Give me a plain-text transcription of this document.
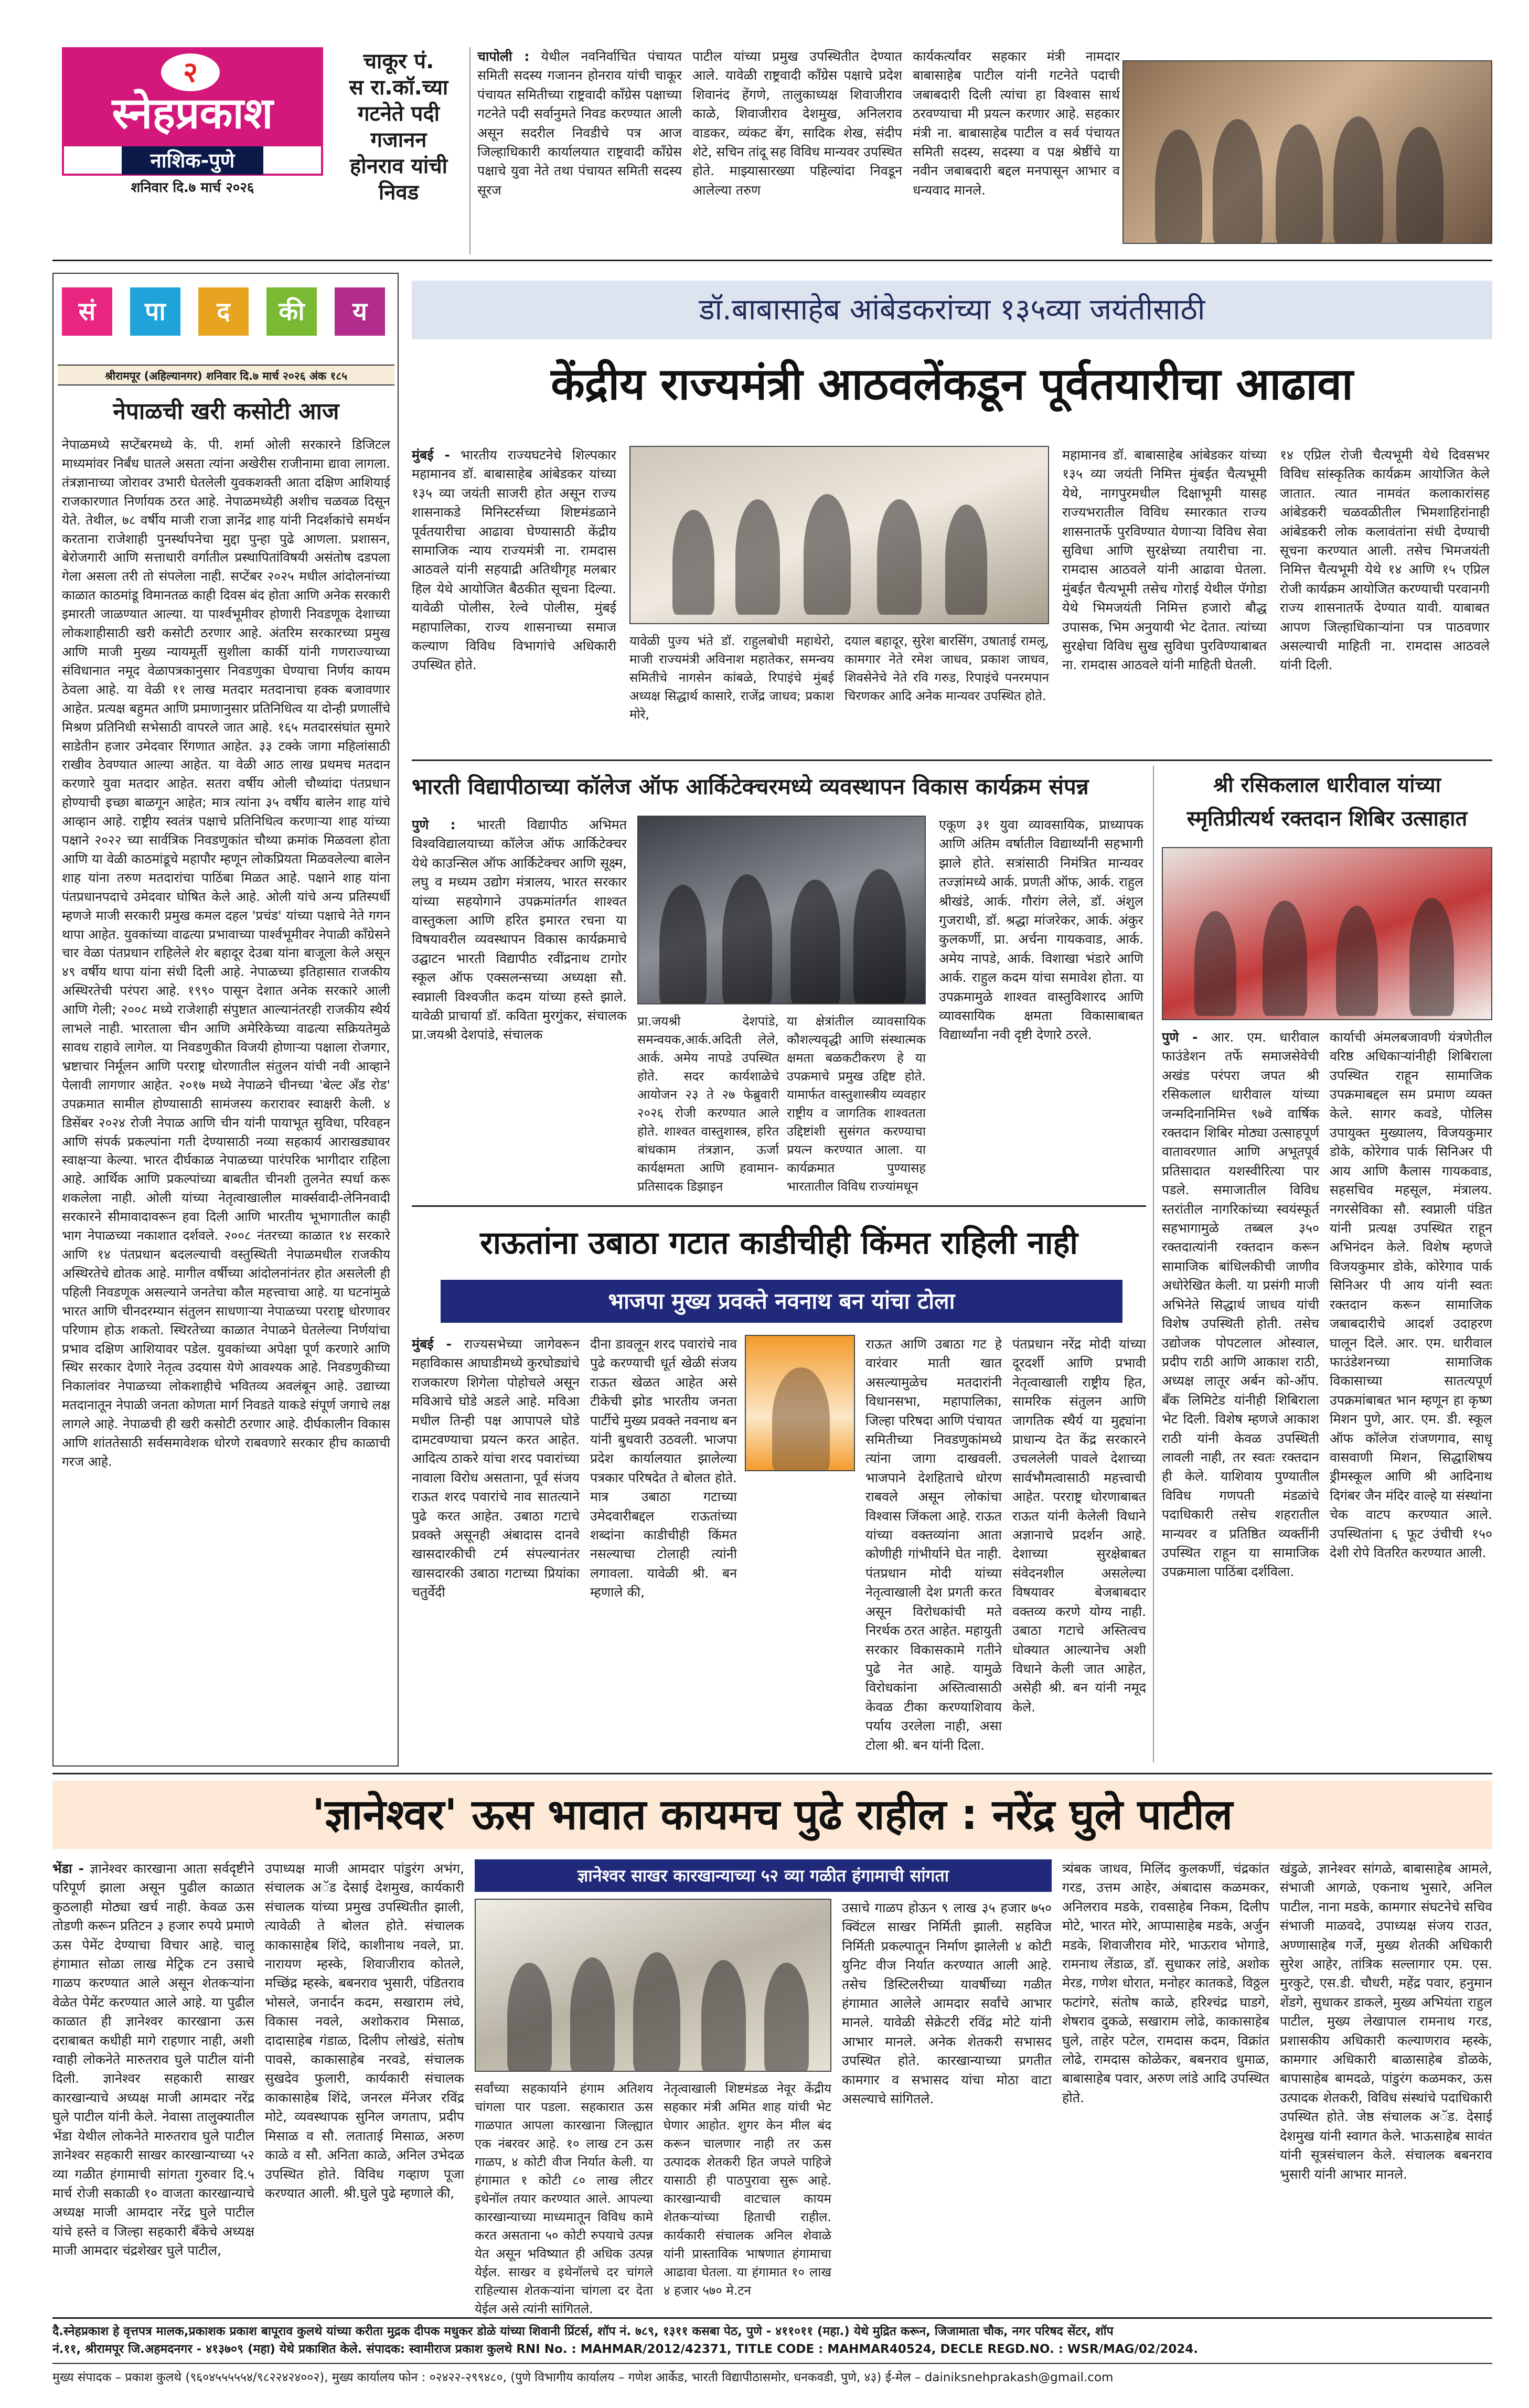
२
स्नेहप्रकाश
नाशिक-पुणे
शनिवार दि.७ मार्च २०२६
चाकूर पं.
स रा.कॉ.च्या
गटनेते पदी
गजानन
होनराव यांची
निवड
चापोली : येथील नवनिर्वाचित पंचायत समिती सदस्य गजानन होनराव यांची चाकूर पंचायत समितीच्या राष्ट्रवादी काँग्रेस पक्षाच्या गटनेते पदी सर्वानुमते निवड करण्यात आली असून सदरील निवडीचे पत्र आज जिल्हाधिकारी कार्यालयात राष्ट्रवादी काँग्रेस पक्षाचे युवा नेते तथा पंचायत समिती सदस्य सूरज
पाटील यांच्या प्रमुख उपस्थितीत देण्यात आले. यावेळी राष्ट्रवादी काँग्रेस पक्षाचे प्रदेश शिवानंद हेंगणे, तालुकाध्यक्ष शिवाजीराव काळे, शिवाजीराव देशमुख, अनिलराव वाडकर, व्यंकट बेंग, सादिक शेख, संदीप शेटे, सचिन तांदू सह विविध मान्यवर उपस्थित होते. माझ्यासारख्या पहिल्यांदा निवडून आलेल्या तरुण
कार्यकर्त्यांवर सहकार मंत्री नामदार बाबासाहेब पाटील यांनी गटनेते पदाची जबाबदारी दिली त्यांचा हा विश्वास सार्थ ठरवण्याचा मी प्रयत्न करणार आहे. सहकार मंत्री ना. बाबासाहेब पाटील व सर्व पंचायत समिती सदस्य, सदस्या व पक्ष श्रेष्ठींचे या नवीन जबाबदारी बद्दल मनपासून आभार व धन्यवाद मानले.
सं	पा	द	की	य
श्रीरामपूर (अहिल्यानगर) शनिवार दि.७ मार्च २०२६ अंक १८५
नेपाळची खरी कसोटी आज
नेपाळमध्ये सप्टेंबरमध्ये के. पी. शर्मा ओली सरकारने डिजिटल माध्यमांवर निर्बंध घातले असता त्यांना अखेरीस राजीनामा द्यावा लागला. तंत्रज्ञानाच्या जोरावर उभारी घेतलेली युवकशक्ती आता दक्षिण आशियाई राजकारणात निर्णायक ठरत आहे. नेपाळमध्येही अशीच चळवळ दिसून येते. तेथील, ७८ वर्षीय माजी राजा ज्ञानेंद्र शाह यांनी निदर्शकांचे समर्थन करताना राजेशाही पुनर्स्थापनेचा मुद्दा पुन्हा पुढे आणला. प्रशासन, बेरोजगारी आणि सत्ताधारी वर्गातील प्रस्थापितांविषयी असंतोष दडपला गेला असला तरी तो संपलेला नाही. सप्टेंबर २०२५ मधील आंदोलनांच्या काळात काठमांडू विमानतळ काही दिवस बंद होता आणि अनेक सरकारी इमारती जाळण्यात आल्या. या पार्श्वभूमीवर होणारी निवडणूक देशाच्या लोकशाहीसाठी खरी कसोटी ठरणार आहे. अंतरिम सरकारच्या प्रमुख आणि माजी मुख्य न्यायमूर्ती सुशीला कार्की यांनी गणराज्याच्या संविधानात नमूद वेळापत्रकानुसार निवडणुका घेण्याचा निर्णय कायम ठेवला आहे. या वेळी ११ लाख मतदार मतदानाचा हक्क बजावणार आहेत. प्रत्यक्ष बहुमत आणि प्रमाणानुसार प्रतिनिधित्व या दोन्ही प्रणालींचे मिश्रण प्रतिनिधी सभेसाठी वापरले जात आहे. १६५ मतदारसंघांत सुमारे साडेतीन हजार उमेदवार रिंगणात आहेत. ३३ टक्के जागा महिलांसाठी राखीव ठेवण्यात आल्या आहेत. या वेळी आठ लाख प्रथमच मतदान करणारे युवा मतदार आहेत. सतरा वर्षीय ओली चौथ्यांदा पंतप्रधान होण्याची इच्छा बाळगून आहेत; मात्र त्यांना ३५ वर्षीय बालेन शाह यांचे आव्हान आहे. राष्ट्रीय स्वतंत्र पक्षाचे प्रतिनिधित्व करणाऱ्या शाह यांच्या पक्षाने २०२२ च्या सार्वत्रिक निवडणुकांत चौथ्या क्रमांक मिळवला होता आणि या वेळी काठमांडूचे महापौर म्हणून लोकप्रियता मिळवलेल्या बालेन शाह यांना तरुण मतदारांचा पाठिंबा मिळत आहे. पक्षाने शाह यांना पंतप्रधानपदाचे उमेदवार घोषित केले आहे. ओली यांचे अन्य प्रतिस्पर्धी म्हणजे माजी सरकारी प्रमुख कमल दहल 'प्रचंड' यांच्या पक्षाचे नेते गगन थापा आहेत. युवकांच्या वाढत्या प्रभावाच्या पार्श्वभूमीवर नेपाळी काँग्रेसने चार वेळा पंतप्रधान राहिलेले शेर बहादूर देउबा यांना बाजूला केले असून ४९ वर्षीय थापा यांना संधी दिली आहे. नेपाळच्या इतिहासात राजकीय अस्थिरतेची परंपरा आहे. १९९० पासून देशात अनेक सरकारे आली आणि गेली; २००८ मध्ये राजेशाही संपुष्टात आल्यानंतरही राजकीय स्थैर्य लाभले नाही. भारताला चीन आणि अमेरिकेच्या वाढत्या सक्रियतेमुळे सावध राहावे लागेल. या निवडणुकीत विजयी होणाऱ्या पक्षाला रोजगार, भ्रष्टाचार निर्मूलन आणि परराष्ट्र धोरणातील संतुलन यांची नवी आव्हाने पेलावी लागणार आहेत. २०१७ मध्ये नेपाळने चीनच्या 'बेल्ट अँड रोड' उपक्रमात सामील होण्यासाठी सामंजस्य करारावर स्वाक्षरी केली. ४ डिसेंबर २०२४ रोजी नेपाळ आणि चीन यांनी पायाभूत सुविधा, परिवहन आणि संपर्क प्रकल्पांना गती देण्यासाठी नव्या सहकार्य आराखड्यावर स्वाक्षऱ्या केल्या. भारत दीर्घकाळ नेपाळच्या पारंपरिक भागीदार राहिला आहे. आर्थिक आणि प्रकल्पांच्या बाबतीत चीनशी तुलनेत स्पर्धा करू शकलेला नाही. ओली यांच्या नेतृत्वाखालील मार्क्सवादी-लेनिनवादी सरकारने सीमावादावरून हवा दिली आणि भारतीय भूभागातील काही भाग नेपाळच्या नकाशात दर्शवले. २००८ नंतरच्या काळात १४ सरकारे आणि १४ पंतप्रधान बदलल्याची वस्तुस्थिती नेपाळमधील राजकीय अस्थिरतेचे द्योतक आहे. मागील वर्षीच्या आंदोलनांनंतर होत असलेली ही पहिली निवडणूक असल्याने जनतेचा कौल महत्त्वाचा आहे. या घटनांमुळे भारत आणि चीनदरम्यान संतुलन साधणाऱ्या नेपाळच्या परराष्ट्र धोरणावर परिणाम होऊ शकतो. स्थिरतेच्या काळात नेपाळने घेतलेल्या निर्णयांचा प्रभाव दक्षिण आशियावर पडेल. युवकांच्या अपेक्षा पूर्ण करणारे आणि स्थिर सरकार देणारे नेतृत्व उदयास येणे आवश्यक आहे. निवडणुकीच्या निकालांवर नेपाळच्या लोकशाहीचे भवितव्य अवलंबून आहे. उद्याच्या मतदानातून नेपाळी जनता कोणता मार्ग निवडते याकडे संपूर्ण जगाचे लक्ष लागले आहे. नेपाळची ही खरी कसोटी ठरणार आहे. दीर्घकालीन विकास आणि शांततेसाठी सर्वसमावेशक धोरणे राबवणारे सरकार हीच काळाची गरज आहे.
डॉ.बाबासाहेब आंबेडकरांच्या १३५व्या जयंतीसाठी
केंद्रीय राज्यमंत्री आठवलेंकडून पूर्वतयारीचा आढावा
मुंबई - भारतीय राज्यघटनेचे शिल्पकार महामानव डॉ. बाबासाहेब आंबेडकर यांच्या १३५ व्या जयंती साजरी होत असून राज्य शासनाकडे मिनिस्टर्सच्या शिष्टमंडळाने पूर्वतयारीचा आढावा घेण्यासाठी केंद्रीय सामाजिक न्याय राज्यमंत्री ना. रामदास आठवले यांनी सहयाद्री अतिथीगृह मलबार हिल येथे आयोजित बैठकीत सूचना दिल्या. यावेळी पोलीस, रेल्वे पोलीस, मुंबई महापालिका, राज्य शासनाच्या समाज कल्याण विविध विभागांचे अधिकारी उपस्थित होते.
यावेळी पुज्य भंते डॉ. राहुलबोधी महाथेरो, माजी राज्यमंत्री अविनाश महातेकर, समन्वय समितीचे नागसेन कांबळे, रिपाइंचे मुंबई अध्यक्ष सिद्धार्थ कासारे, राजेंद्र जाधव; प्रकाश मोरे,
दयाल बहादूर, सुरेश बारसिंग, उषाताई रामलू, कामगार नेते रमेश जाधव, प्रकाश जाधव, शिवसेनेचे नेते रवि गरुड, रिपाइंचे पनरमपान चिरणकर आदि अनेक मान्यवर उपस्थित होते.
महामानव डॉ. बाबासाहेब आंबेडकर यांच्या १३५ व्या जयंती निमित्त मुंबईत चैत्यभूमी येथे, नागपुरमधील दिक्षाभूमी यासह राज्यभरातील विविध स्मारकात राज्य शासनातर्फे पुरविण्यात येणाऱ्या विविध सेवा सुविधा आणि सुरक्षेच्या तयारीचा ना. रामदास आठवले यांनी आढावा घेतला. मुंबईत चैत्यभूमी तसेच गोराई येथील पॅगोडा येथे भिमजयंती निमित्त हजारो बौद्ध उपासक, भिम अनुयायी भेट देतात. त्यांच्या सुरक्षेचा विविध सुख सुविधा पुरविण्याबाबत ना. रामदास आठवले यांनी माहिती घेतली.
१४ एप्रिल रोजी चैत्यभूमी येथे दिवसभर विविध सांस्कृतिक कार्यक्रम आयोजित केले जातात. त्यात नामवंत कलाकारांसह आंबेडकरी चळवळीतील भिमशाहिरांनाही आंबेडकरी लोक कलावंतांना संधी देण्याची सूचना करण्यात आली. तसेच भिमजयंती निमित्त चैत्यभूमी येथे १४ आणि १५ एप्रिल रोजी कार्यक्रम आयोजित करण्याची परवानगी राज्य शासनातर्फे देण्यात यावी. याबाबत आपण जिल्हाधिकाऱ्यांना पत्र पाठवणार असल्याची माहिती ना. रामदास आठवले यांनी दिली.
भारती विद्यापीठाच्या कॉलेज ऑफ आर्किटेक्चरमध्ये व्यवस्थापन विकास कार्यक्रम संपन्न
पुणे : भारती विद्यापीठ अभिमत विश्वविद्यालयाच्या कॉलेज ऑफ आर्किटेक्चर येथे काउन्सिल ऑफ आर्किटेक्चर आणि सूक्ष्म, लघु व मध्यम उद्योग मंत्रालय, भारत सरकार यांच्या सहयोगाने उपक्रमांतर्गत शाश्वत वास्तुकला आणि हरित इमारत रचना या विषयावरील व्यवस्थापन विकास कार्यक्रमाचे उद्घाटन भारती विद्यापीठ रवींद्रनाथ टागोर स्कूल ऑफ एक्सलन्सच्या अध्यक्षा सौ. स्वप्नाली विश्वजीत कदम यांच्या हस्ते झाले. यावेळी प्राचार्या डॉ. कविता मुरगुंकर, संचालक प्रा.जयश्री देशपांडे, संचालक
प्रा.जयश्री देशपांडे, समन्वयक,आर्क.अदिती लेले, आर्क. अमेय नापडे उपस्थित होते. सदर कार्यशाळेचे आयोजन २३ ते २७ फेब्रुवारी २०२६ रोजी करण्यात आले होते. शाश्वत वास्तुशास्त्र, हरित बांधकाम तंत्रज्ञान, ऊर्जा कार्यक्षमता आणि हवामान-प्रतिसादक डिझाइन
या क्षेत्रांतील व्यावसायिक कौशल्यवृद्धी आणि संस्थात्मक क्षमता बळकटीकरण हे या उपक्रमाचे प्रमुख उद्दिष्ट होते. यामार्फत वास्तुशास्त्रीय व्यवहार राष्ट्रीय व जागतिक शाश्वतता उद्दिष्टांशी सुसंगत करण्याचा प्रयत्न करण्यात आला. या कार्यक्रमात पुण्यासह भारतातील विविध राज्यांमधून
एकूण ३१ युवा व्यावसायिक, प्राध्यापक आणि अंतिम वर्षातील विद्यार्थ्यांनी सहभागी झाले होते. सत्रांसाठी निमंत्रित मान्यवर तज्ज्ञांमध्ये आर्क. प्रणती ऑफ, आर्क. राहुल श्रीखंडे, आर्क. गौरांग लेले, डॉ. अंशुल गुजराथी, डॉ. श्रद्धा मांजरेकर, आर्क. अंकुर कुलकर्णी, प्रा. अर्चना गायकवाड, आर्क. अमेय नापडे, आर्क. विशाखा भंडारे आणि आर्क. राहुल कदम यांचा समावेश होता. या उपक्रमामुळे शाश्वत वास्तुविशारद आणि व्यावसायिक क्षमता विकासाबाबत विद्यार्थ्यांना नवी दृष्टी देणारे ठरले.
श्री रसिकलाल धारीवाल यांच्या
स्मृतिप्रीत्यर्थ रक्तदान शिबिर उत्साहात
पुणे - आर. एम. धारीवाल फाउंडेशन तर्फे समाजसेवेची अखंड परंपरा जपत श्री रसिकलाल धारीवाल यांच्या जन्मदिनानिमित्त ९७वे वार्षिक रक्तदान शिबिर मोठ्या उत्साहपूर्ण वातावरणात आणि अभूतपूर्व प्रतिसादात यशस्वीरित्या पार पडले. समाजातील विविध स्तरांतील नागरिकांच्या स्वयंस्फूर्त सहभागामुळे तब्बल ३५० रक्तदात्यांनी रक्तदान करून सामाजिक बांधिलकीची जाणीव अधोरेखित केली. या प्रसंगी माजी अभिनेते सिद्धार्थ जाधव यांची विशेष उपस्थिती होती. तसेच उद्योजक पोपटलाल ओस्वाल, प्रदीप राठी आणि आकाश राठी, अध्यक्ष लातूर अर्बन को-ऑप. बँक लिमिटेड यांनीही शिबिराला भेट दिली. विशेष म्हणजे आकाश राठी यांनी केवळ उपस्थिती लावली नाही, तर स्वतः रक्तदान ही केले. याशिवाय पुण्यातील विविध गणपती मंडळांचे पदाधिकारी तसेच शहरातील मान्यवर व प्रतिष्ठित व्यक्तींनी उपस्थित राहून या सामाजिक उपक्रमाला पाठिंबा दर्शविला.
कार्याची अंमलबजावणी यंत्रणेतील वरिष्ठ अधिकाऱ्यांनीही शिबिराला उपस्थित राहून सामाजिक उपक्रमाबद्दल सम प्रमाण व्यक्त केले. सागर कवडे, पोलिस उपायुक्त मुख्यालय, विजयकुमार डोके, कोरेगाव पार्क सिनिअर पी आय आणि कैलास गायकवाड, सहसचिव महसूल, मंत्रालय. नगरसेविका सौ. स्वप्नाली पंडित यांनी प्रत्यक्ष उपस्थित राहून अभिनंदन केले. विशेष म्हणजे विजयकुमार डोके, कोरेगाव पार्क सिनिअर पी आय यांनी स्वतः रक्तदान करून सामाजिक जबाबदारीचे आदर्श उदाहरण घालून दिले. आर. एम. धारीवाल फाउंडेशनच्या सामाजिक विकासाच्या सातत्यपूर्ण उपक्रमांबाबत भान म्हणून हा कृष्ण मिशन पुणे, आर. एम. डी. स्कूल ऑफ कॉलेज रांजणगाव, साधू वासवाणी मिशन, सिद्धाशिषय ड्रीमस्कूल आणि श्री आदिनाथ दिगंबर जैन मंदिर वाल्हे या संस्थांना चेक वाटप करण्यात आले. उपस्थितांना ६ फूट उंचीची १५० देशी रोपे वितरित करण्यात आली.
राऊतांना उबाठा गटात काडीचीही किंमत राहिली नाही
भाजपा मुख्य प्रवक्ते नवनाथ बन यांचा टोला
मुंबई - राज्यसभेच्या जागेवरून महाविकास आघाडीमध्ये कुरघोड्यांचे राजकारण शिगेला पोहोचले असून मविआचे घोडे अडले आहे. मविआ मधील तिन्ही पक्ष आपापले घोडे दामटवण्याचा प्रयत्न करत आहेत. आदित्य ठाकरे यांचा शरद पवारांच्या नावाला विरोध असताना, पूर्व संजय राऊत शरद पवारांचे नाव सातत्याने पुढे करत आहेत. उबाठा गटाचे प्रवक्ते असूनही अंबादास दानवे खासदारकीची टर्म संपल्यानंतर खासदारकी उबाठा गटाच्या प्रियांका चतुर्वेदी
दीना डावलून शरद पवारांचे नाव पुढे करण्याची धूर्त खेळी संजय राऊत खेळत आहेत असे टीकेची झोड भारतीय जनता पार्टीचे मुख्य प्रवक्ते नवनाथ बन यांनी बुधवारी उठवली. भाजपा प्रदेश कार्यालयात झालेल्या पत्रकार परिषदेत ते बोलत होते. मात्र उबाठा गटाच्या उमेदवारीबद्दल राऊतांच्या शब्दांना काडीचीही किंमत नसल्याचा टोलाही त्यांनी लगावला. यावेळी श्री. बन म्हणाले की,
राऊत आणि उबाठा गट हे वारंवार माती खात असल्यामुळेच मतदारांनी विधानसभा, महापालिका, जिल्हा परिषदा आणि पंचायत समितीच्या निवडणुकांमध्ये त्यांना जागा दाखवली. भाजपाने देशहिताचे धोरण राबवले असून लोकांचा विश्वास जिंकला आहे. राऊत यांच्या वक्तव्यांना आता कोणीही गांभीर्याने घेत नाही. पंतप्रधान मोदी यांच्या नेतृत्वाखाली देश प्रगती करत असून विरोधकांची मते निरर्थक ठरत आहेत. महायुती सरकार विकासकामे गतीने पुढे नेत आहे. यामुळे विरोधकांना अस्तित्वासाठी केवळ टीका करण्याशिवाय पर्याय उरलेला नाही, असा टोला श्री. बन यांनी दिला.
पंतप्रधान नरेंद्र मोदी यांच्या दूरदर्शी आणि प्रभावी नेतृत्वाखाली राष्ट्रीय हित, सामरिक संतुलन आणि जागतिक स्थैर्य या मुद्द्यांना प्राधान्य देत केंद्र सरकारने उचललेली पावले देशाच्या सार्वभौमत्वासाठी महत्त्वाची आहेत. परराष्ट्र धोरणाबाबत राऊत यांनी केलेली विधाने अज्ञानाचे प्रदर्शन आहे. देशाच्या सुरक्षेबाबत संवेदनशील असलेल्या विषयावर बेजबाबदार वक्तव्य करणे योग्य नाही. उबाठा गटाचे अस्तित्वच धोक्यात आल्यानेच अशी विधाने केली जात आहेत, असेही श्री. बन यांनी नमूद केले.
'ज्ञानेश्वर' ऊस भावात कायमच पुढे राहील : नरेंद्र घुले पाटील
भेंडा - ज्ञानेश्वर कारखाना आता सर्वदृष्टीने परिपूर्ण झाला असून पुढील काळात कुठलाही मोठ्या खर्च नाही. केवळ ऊस तोडणी करून प्रतिटन ३ हजार रुपये प्रमाणे ऊस पेमेंट देण्याचा विचार आहे. चालू हंगामात सोळा लाख मेट्रिक टन उसाचे गाळप करण्यात आले असून शेतकऱ्यांना वेळेत पेमेंट करण्यात आले आहे. या पुढील काळात ही ज्ञानेश्वर कारखाना ऊस दराबाबत कधीही मागे राहणार नाही, अशी ग्वाही लोकनेते मारुतराव घुले पाटील यांनी दिली. ज्ञानेश्वर सहकारी साखर कारखान्याचे अध्यक्ष माजी आमदार नरेंद्र घुले पाटील यांनी केले. नेवासा तालुक्यातील भेंडा येथील लोकनेते मारुतराव घुले पाटील ज्ञानेश्वर सहकारी साखर कारखान्याच्या ५२ व्या गळीत हंगामाची सांगता गुरुवार दि.५ मार्च रोजी सकाळी १० वाजता कारखान्याचे अध्यक्ष माजी आमदार नरेंद्र घुले पाटील यांचे हस्ते व जिल्हा सहकारी बँकेचे अध्यक्ष माजी आमदार चंद्रशेखर घुले पाटील,
उपाध्यक्ष माजी आमदार पांडुरंग अभंग, संचालक अॅड देसाई देशमुख, कार्यकारी संचालक यांच्या प्रमुख उपस्थितीत झाली, त्यावेळी ते बोलत होते. संचालक काकासाहेब शिंदे, काशीनाथ नवले, प्रा. नारायण म्हस्के, शिवाजीराव कोतले, मच्छिंद्र म्हस्के, बबनराव भुसारी, पंडितराव भोसले, जनार्दन कदम, सखाराम लंघे, विकास नवले, अशोकराव मिसाळ, दादासाहेब गंडाळ, दिलीप लोखंडे, संतोष पावसे, काकासाहेब नरवडे, संचालक सुखदेव फुलारी, कार्यकारी संचालक काकासाहेब शिंदे, जनरल मॅनेजर रविंद्र मोटे, व्यवस्थापक सुनिल जगताप, प्रदीप मिसाळ व सौ. लताताई मिसाळ, अरुण काळे व सौ. अनिता काळे, अनिल उभेदळ उपस्थित होते. विविध गव्हाण पूजा करण्यात आली. श्री.घुले पुढे म्हणाले की,
ज्ञानेश्वर साखर कारखान्याच्या ५२ व्या गळीत हंगामाची सांगता
सर्वांच्या सहकार्याने हंगाम अतिशय चांगला पार पडला. सहकारात ऊस गाळपात आपला कारखाना जिल्ह्यात एक नंबरवर आहे. १० लाख टन ऊस गाळप, ४ कोटी वीज निर्यात केली. या हंगामात १ कोटी ८० लाख लीटर इथेनॉल तयार करण्यात आले. आपल्या कारखान्याच्या माध्यमातून विविध कामे करत असताना ५० कोटी रुपयाचे उत्पन्न येत असून भविष्यात ही अधिक उत्पन्न येईल. साखर व इथेनॉलचे दर चांगले राहिल्यास शेतकऱ्यांना चांगला दर देता येईल असे त्यांनी सांगितले.
नेतृत्वाखाली शिष्टमंडळ नेवूर केंद्रीय सहकार मंत्री अमित शाह यांची भेट घेणार आहोत. शुगर केन मील बंद करून चालणार नाही तर ऊस उत्पादक शेतकरी हित जपले पाहिजे यासाठी ही पाठपुरावा सुरू आहे. कारखान्याची वाटचाल कायम शेतकऱ्यांच्या हिताची राहील. कार्यकारी संचालक अनिल शेवाळे यांनी प्रास्ताविक भाषणात हंगामाचा आढावा घेतला. या हंगामात १० लाख ४ हजार ५७० मे.टन
उसाचे गाळप होऊन ९ लाख ३५ हजार ७५० क्विंटल साखर निर्मिती झाली. सहविज निर्मिती प्रकल्पातून निर्माण झालेली ४ कोटी युनिट वीज निर्यात करण्यात आली आहे. तसेच डिस्टिलरीच्या यावर्षीच्या गळीत हंगामात आलेले आमदार सर्वांचे आभार मानले. यावेळी सेक्रेटरी रविंद्र मोटे यांनी आभार मानले. अनेक शेतकरी सभासद उपस्थित होते. कारखान्याच्या प्रगतीत कामगार व सभासद यांचा मोठा वाटा असल्याचे सांगितले.
त्र्यंबक जाधव, मिलिंद कुलकर्णी, चंद्रकांत गरड, उत्तम आहेर, अंबादास कळमकर, अनिलराव मडके, रावसाहेब निकम, दिलीप मोटे, भारत मोरे, आप्पासाहेब मडके, अर्जुन मडके, शिवाजीराव मोरे, भाऊराव भोगाडे, रामनाथ लेंडाळ, डॉ. सुधाकर लांडे, अशोक मेरड, गणेश धोरात, मनोहर कातकडे, विठ्ठल फटांगरे, संतोष काळे, हरिश्चंद्र घाडगे, शेषराव दुकळे, सखाराम लोढे, काकासाहेब घुले, ताहेर पटेल, रामदास कदम, विक्रांत लोढे, रामदास कोळेकर, बबनराव धुमाळ, बाबासाहेब पवार, अरुण लांडे आदि उपस्थित होते.
खंडुळे, ज्ञानेश्वर सांगळे, बाबासाहेब आमले, संभाजी आगळे, एकनाथ भुसारे, अनिल पाटील, नाना मडके, कामगार संघटनेचे सचिव संभाजी माळवदे, उपाध्यक्ष संजय राउत, अण्णासाहेब गर्जे, मुख्य शेतकी अधिकारी सुरेश आहेर, तांत्रिक सल्लागार एम. एस. मुरकुटे, एस.डी. चौधरी, महेंद्र पवार, हनुमान शेंडगे, सुधाकर डाकले, मुख्य अभियंता राहुल पाटील, मुख्य लेखापाल रामनाथ गरड, प्रशासकीय अधिकारी कल्याणराव म्हस्के, कामगार अधिकारी बाळासाहेब डोळके, बापासाहेब बामदळे, पांडुरंग कळमकर, ऊस उत्पादक शेतकरी, विविध संस्थांचे पदाधिकारी उपस्थित होते. जेष्ठ संचालक अॅड. देसाई देशमुख यांनी स्वागत केले. भाऊसाहेब सावंत यांनी सूत्रसंचालन केले. संचालक बबनराव भुसारी यांनी आभार मानले.
दै.स्नेहप्रकाश हे वृत्तपत्र मालक,प्रकाशक प्रकाश बापूराव कुलथे यांच्या करीता मुद्रक दीपक मधुकर डोळे यांच्या शिवानी प्रिंटर्स, शॉप नं. ७८९, १३११ कसबा पेठ, पुणे - ४११०११ (महा.) येथे मुद्रित करून, जिजामाता चौक, नगर परिषद सेंटर, शॉप
नं.११, श्रीरामपूर जि.अहमदनगर - ४१३७०९ (महा) येथे प्रकाशित केले. संपादक: स्वामीराज प्रकाश कुलथे RNI No. : MAHMAR/2012/42371, TITLE CODE : MAHMAR40524, DECLE REGD.NO. : WSR/MAG/02/2024.
मुख्य संपादक – प्रकाश कुलथे (९६०४५५५५५४/९८२२४२४००२), मुख्य कार्यालय फोन : ०२४२२-२९९४८०, (पुणे विभागीय कार्यालय – गणेश आर्केड, भारती विद्यापीठासमोर, धनकवडी, पुणे, ४३) ई-मेल – dainiksnehprakash@gmail.com
